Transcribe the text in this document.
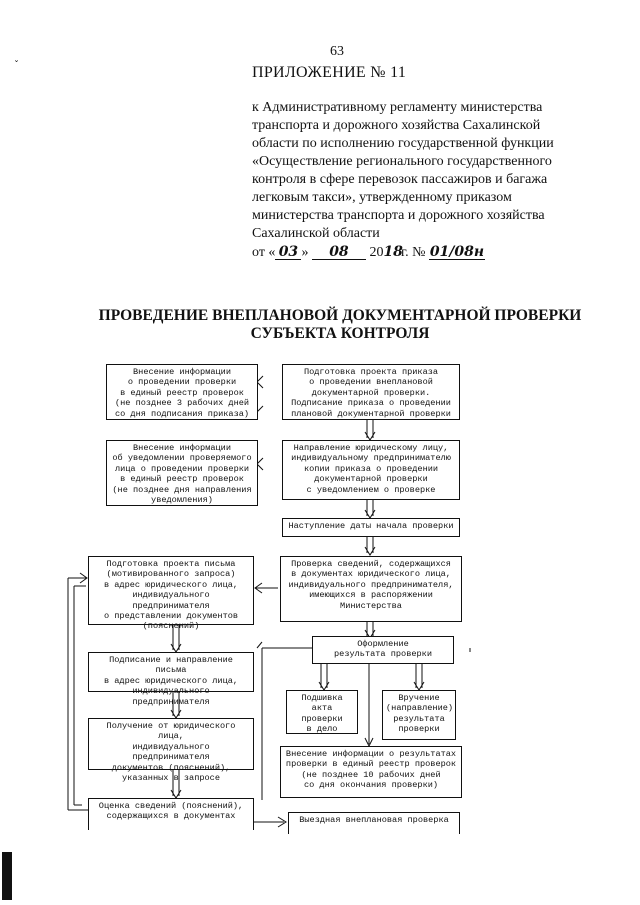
ˇ
63
ПРИЛОЖЕНИЕ № 11
к Административному регламенту министерства
транспорта и дорожного хозяйства Сахалинской
области по исполнению государственной функции
«Осуществление регионального государственного
контроля в сфере перевозок пассажиров и багажа
легковым такси», утвержденному приказом
министерства транспорта и дорожного хозяйства
Сахалинской области
от « 03 » 08 2018 г. № 01/08н
ПРОВЕДЕНИЕ ВНЕПЛАНОВОЙ ДОКУМЕНТАРНОЙ ПРОВЕРКИ
СУБЪЕКТА КОНТРОЛЯ
Внесение информации
о проведении проверки
в единый реестр проверок
(не позднее 3 рабочих дней
со дня подписания приказа)
Подготовка проекта приказа
о проведении внеплановой
документарной проверки.
Подписание приказа о проведении
плановой документарной проверки
Внесение информации
об уведомлении проверяемого
лица о проведении проверки
в единый реестр проверок
(не позднее дня направления
уведомления)
Направление юридическому лицу,
индивидуальному предпринимателю
копии приказа о проведении
документарной проверки
с уведомлением о проверке
Наступление даты начала проверки
Подготовка проекта письма
(мотивированного запроса)
в адрес юридического лица,
индивидуального предпринимателя
о представлении документов
(пояснений)
Проверка сведений, содержащихся
в документах юридического лица,
индивидуального предпринимателя,
имеющихся в распоряжении
Министерства
Подписание и направление письма
в адрес юридического лица,
индивидуального предпринимателя
Оформление
результата проверки
Подшивка акта
проверки
в дело
Вручение
(направление)
результата
проверки
Получение от юридического лица,
индивидуального предпринимателя
документов (пояснений),
указанных в запросе
Внесение информации о результатах
проверки в единый реестр проверок
(не позднее 10 рабочих дней
со дня окончания проверки)
Оценка сведений (пояснений),
содержащихся в документах	Выездная внеплановая проверка
